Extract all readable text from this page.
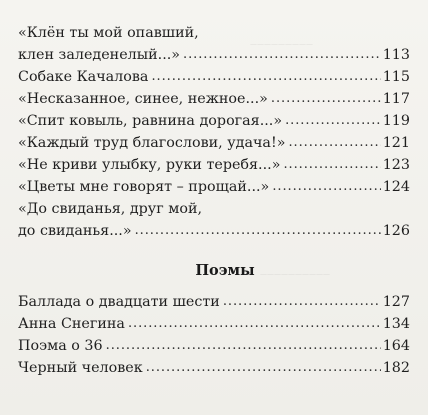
—————————
——————————
«Клён ты мой опавший,
клен заледенелый...» . . .	113
Собаке Качалова . . .	115
«Несказанное, синее, нежное...» . . .	117
«Спит ковыль, равнина дорогая...» . . .	119
«Каждый труд благослови, удача!» . . .	121
«Не криви улыбку, руки теребя...» . . .	123
«Цветы мне говорят – прощай...» . . .	124
«До свиданья, друг мой,
до свиданья...» . . .	126
Поэмы
Баллада о двадцати шести . . .	127
Анна Снегина . . .	134
Поэма о 36 . . .	164
Черный человек . . .	182
